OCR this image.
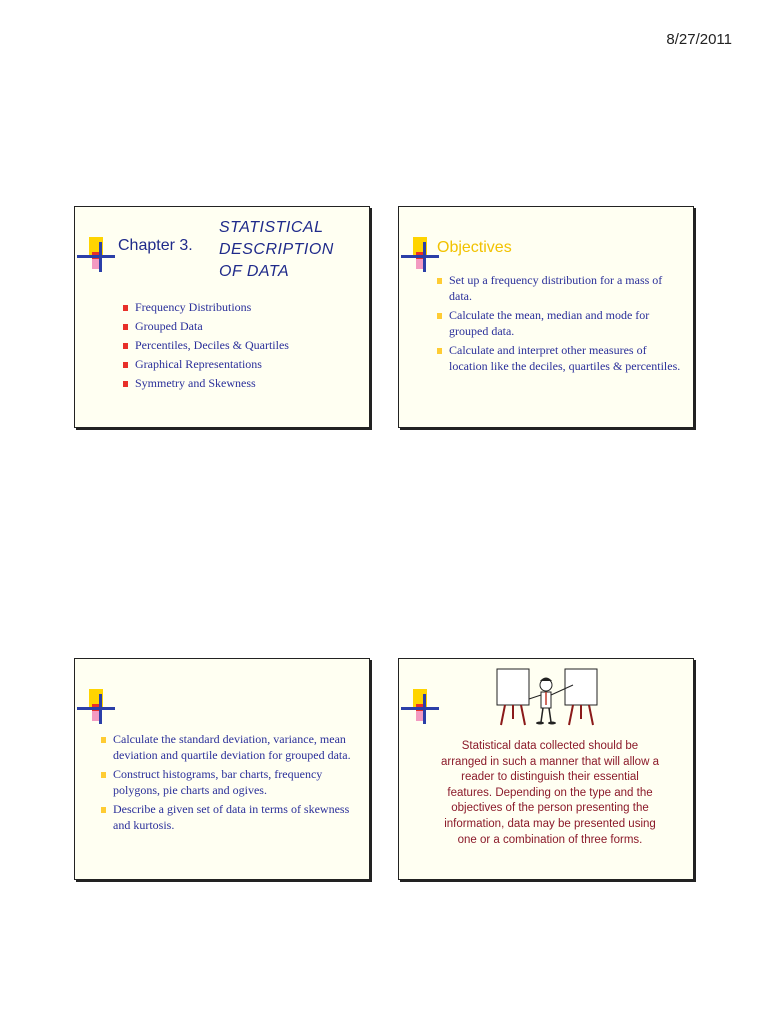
8/27/2011
Chapter 3.
STATISTICAL
DESCRIPTION
OF DATA
Frequency Distributions
Grouped Data
Percentiles, Deciles & Quartiles
Graphical Representations
Symmetry and Skewness
Objectives
Set up a frequency distribution for a mass of data.
Calculate the mean, median and mode for grouped data.
Calculate and interpret other measures of location like the deciles, quartiles & percentiles.
Calculate the standard deviation, variance, mean deviation and quartile deviation for grouped data.
Construct histograms, bar charts, frequency polygons, pie charts and ogives.
Describe a given set of data in terms of skewness and kurtosis.
Statistical data collected should be arranged in such a manner that will allow a reader to distinguish their essential features. Depending on the type and the objectives of the person presenting the information, data may be presented using one or a combination of three forms.
